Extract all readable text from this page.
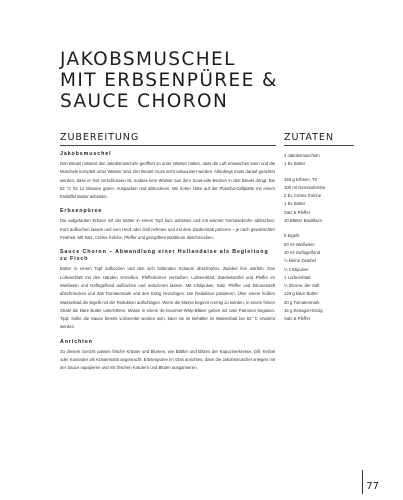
JAKOBSMUSCHEL
MIT ERBSENPÜREE &
SAUCE CHORON
ZUBEREITUNG	ZUTATEN
Jakobsmuschel

Den Beutel mitsamt den Jakobsmuscheln geöffnet so unter Wasser halten, dass die Luft entweichen kann und die Muscheln komplett unter Wasser sind. Der Beutel muss nicht vakuumiert werden. Allerdings muss darauf geachtet werden, dass er fest verschlossen ist, sodass kein Wasser aus dem Sous-vide-Becken in den Beutel dringt. Bei 52 °C für 12 Minuten garen. Auspacken und abtrocknen. Bei hoher Hitze auf der Plancha-Grillplatte mit einem Esslöffel Butter anbraten.

Erbsenpüree

Die aufgetauten Erbsen mit der Butter in einem Topf kurz anbraten und mit warmer Gemüsebrühe ablöschen. Kurz aufkochen lassen und vom Herd oder Grill nehmen und mit dem Zauberstab pürieren – je nach gewünschter Feinheit. Mit Salz, Crème fraîche, Pfeffer und gezupftem Basilikum abschmecken.

Sauce Choron – Abwandlung einer Hollandaise als Begleitung zu Fisch

Butter in einem Topf aufkochen und den sich bildenden Schaum abschöpfen. Zwiebel fein würfeln. Das Lorbeerblatt mit den Händen zerreißen. Pfefferkörner zerstoßen. Lorbeerblatt, Zwiebelwürfel und Pfeffer im Weißwein und Geflügelfond aufkochen und reduzieren lassen. Mit Chilipulver, Salz, Pfeffer und Zitronensaft abschmecken und das Tomatenmark und den Essig hinzufügen. Die Reduktion passieren. Über einem heißen Wasserbad die Eigelb mit der Reduktion aufschlagen. Wenn die Masse beginnt cremig zu werden, in einem feinen Strahl die klare Butter unterrühren. Masse in einem iSi-Gourmet-Whip-Bläser geben mit zwei Patronen begasen. Tipp: Sollte die Sauce bereits vorbereitet worden sein, kann sie im Behälter im Wasserbad bei 62 °C erwärmt werden.

Anrichten

Zu diesem Gericht passen frische Kräuter und Blumen, wie Blätter und Blüten der Kapuzinerkresse, Dill, Kerbel oder Koriander als Kräutersalat angemacht. Erbsenpüree im Glas anrichten, dann die Jakobsmuschel anlegen mit der Sauce napajieren und mit frischen Kräutern und Blüten ausgarnieren.

4 Jakobsmuscheln
1 EL Butter
450 g Erbsen, TK
100 ml Gemüsebrühe
2 EL Crème fraîche
1 EL Butter
Salz & Pfeffer
10 Blätter Basilikum
5 Eigelb
60 ml Weißwein
40 ml Geflügelfond
½ kleine Zwiebel
½ Chilipulver
1 Lorbeerblatt
½ Zitrone, der Saft
125 g klare Butter
20 g Tomatenmark
15 g Estragon-Essig
Salz & Pfeffer
77
